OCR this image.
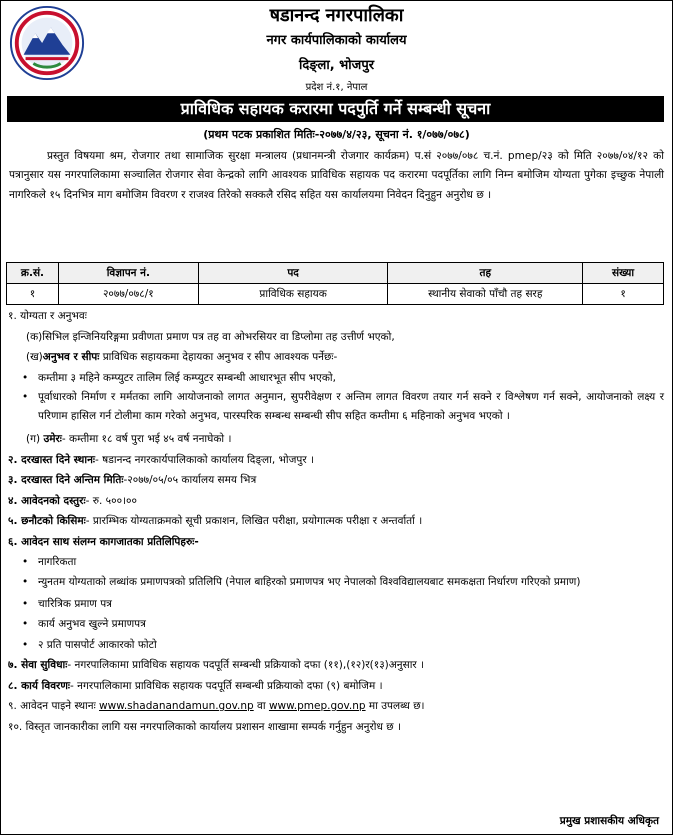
षडानन्द नगरपालिका
नगर कार्यपालिकाको कार्यालय
दिङ्ला, भोजपुर
प्रदेश नं.१, नेपाल
प्राविधिक सहायक करारमा पदपुर्ति गर्ने सम्बन्धी सूचना
(प्रथम पटक प्रकाशित मितिः-२०७७/४/२३, सूचना नं. १/०७७/०७८)

प्रस्तुत विषयमा श्रम, रोजगार तथा सामाजिक सुरक्षा मन्त्रालय (प्रधानमन्त्री रोजगार कार्यक्रम) प.सं २०७७/०७८ च.नं. pmep/२३ को मिति २०७७/०४/१२ को पत्रानुसार यस नगरपालिकामा सञ्चालित रोजगार सेवा केन्द्रको लागि आवश्यक प्राविधिक सहायक पद करारमा पदपूर्तिका लागि निम्न बमोजिम योग्यता पुगेका इच्छुक नेपाली नागरिकले १५ दिनभित्र माग बमोजिम विवरण र राजश्व तिरेको सक्कलै रसिद सहित यस कार्यालयमा निवेदन दिनुहुन अनुरोध छ ।

क्र.सं.	विज्ञापन नं.	पद	तह	संख्या
१	२०७७/०७८/१	प्राविधिक सहायक	स्थानीय सेवाको पाँचौ तह सरह	१
१. योग्यता र अनुभवः
(क)सिभिल इन्जिनियरिङ्गमा प्रवीणता प्रमाण पत्र तह वा ओभरसियर वा डिप्लोमा तह उत्तीर्ण भएको,
(ख)अनुभव र सीपः प्राविधिक सहायकमा देहायका अनुभव र सीप आवश्यक पर्नेछः-
• कम्तीमा ३ महिने कम्प्युटर तालिम लिई कम्प्युटर सम्बन्धी आधारभूत सीप भएको,
• पूर्वाधारको निर्माण र मर्मतका लागि आयोजनाको लागत अनुमान, सुपरीवेक्षण र अन्तिम लागत विवरण तयार गर्न सक्ने र विश्लेषण गर्न सक्ने, आयोजनाको लक्ष्य र परिणाम हासिल गर्न टोलीमा काम गरेको अनुभव, पारस्परिक सम्बन्ध सम्बन्धी सीप सहित कम्तीमा ६ महिनाको अनुभव भएको ।
(ग) उमेरः- कम्तीमा १८ वर्ष पुरा भई ४५ वर्ष ननाघेको ।
२. दरखास्त दिने स्थानः- षडानन्द नगरकार्यपालिकाको कार्यालय दिङ्ला, भोजपुर ।
३. दरखास्त दिने अन्तिम मितिः-२०७७/०५/०५ कार्यालय समय भित्र
४. आवेदनको दस्तुरः- रु. ५००।००
५. छनौटको किसिमः- प्रारम्भिक योग्यताक्रमको सूची प्रकाशन, लिखित परीक्षा, प्रयोगात्मक परीक्षा र अन्तर्वार्ता ।
६. आवेदन साथ संलग्न कागजातका प्रतिलिपिहरुः-
• नागरिकता
• न्युनतम योग्यताको लब्धांक प्रमाणपत्रको प्रतिलिपि (नेपाल बाहिरको प्रमाणपत्र भए नेपालको विश्वविद्यालयबाट समकक्षता निर्धारण गरिएको प्रमाण)
• चारित्रिक प्रमाण पत्र
• कार्य अनुभव खुल्ने प्रमाणपत्र
• २ प्रति पासपोर्ट आकारको फोटो
७. सेवा सुविधाः- नगरपालिकामा प्राविधिक सहायक पदपूर्ति सम्बन्धी प्रक्रियाको दफा (११),(१२)र(१३)अनुसार ।
८. कार्य विवरणः- नगरपालिकामा प्राविधिक सहायक पदपूर्ति सम्बन्धी प्रक्रियाको दफा (९) बमोजिम ।
९. आवेदन पाइने स्थानः www.shadanandamun.gov.np वा www.pmep.gov.np मा उपलब्ध छ।
१०. विस्तृत जानकारीका लागि यस नगरपालिकाको कार्यालय प्रशासन शाखामा सम्पर्क गर्नुहुन अनुरोध छ ।
प्रमुख प्रशासकीय अधिकृत
